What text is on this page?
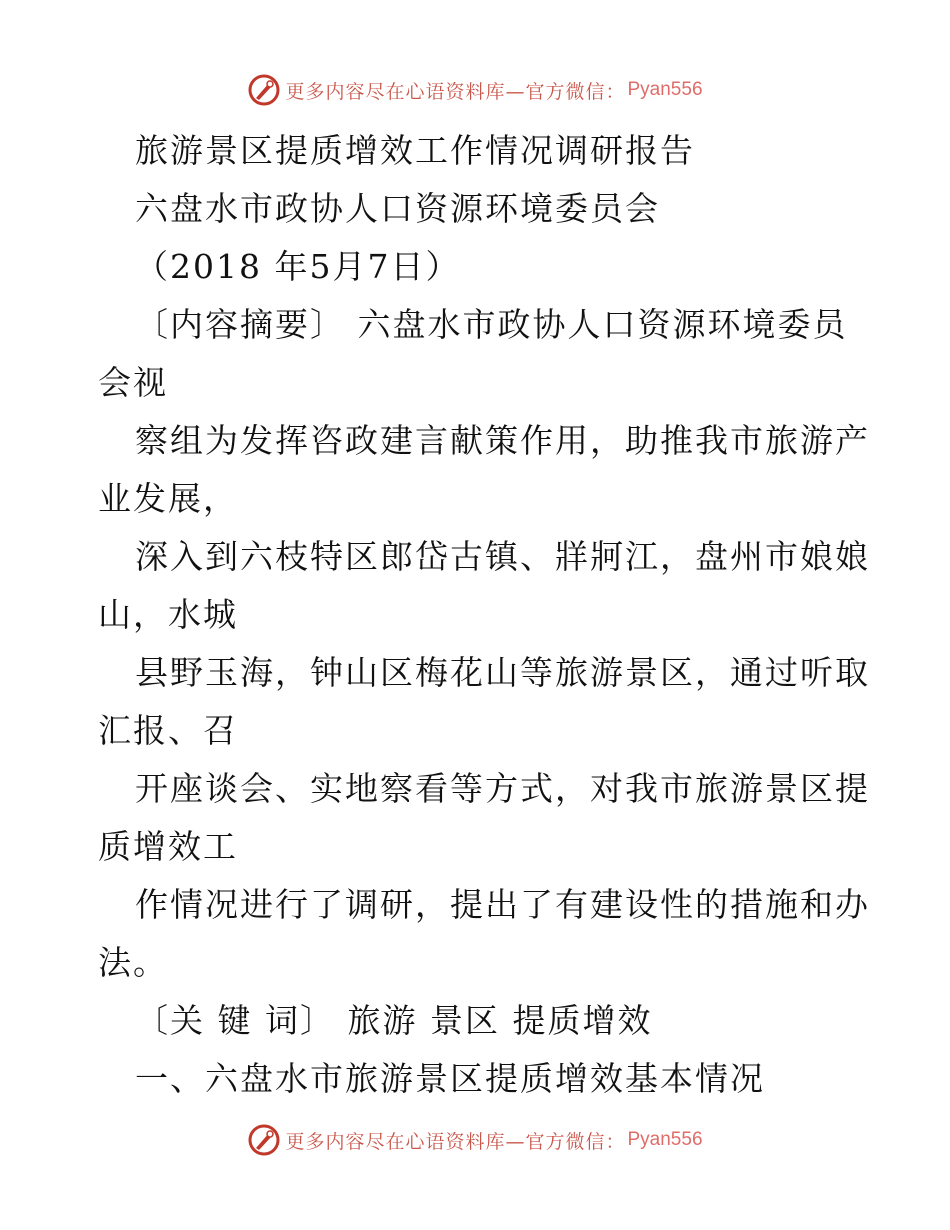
更多内容尽在心语资料库—官方微信： Pyan556
旅游景区提质增效工作情况调研报告
六盘水市政协人口资源环境委员会
（2018 年5月7日）
〔内容摘要〕 六盘水市政协人口资源环境委员
会视
察组为发挥咨政建言献策作用，助推我市旅游产
业发展，
深入到六枝特区郎岱古镇、牂牁江，盘州市娘娘
山，水城
县野玉海，钟山区梅花山等旅游景区，通过听取
汇报、召
开座谈会、实地察看等方式，对我市旅游景区提
质增效工
作情况进行了调研，提出了有建设性的措施和办
法。
〔关 键 词〕 旅游 景区 提质增效
一、六盘水市旅游景区提质增效基本情况
更多内容尽在心语资料库—官方微信： Pyan556
